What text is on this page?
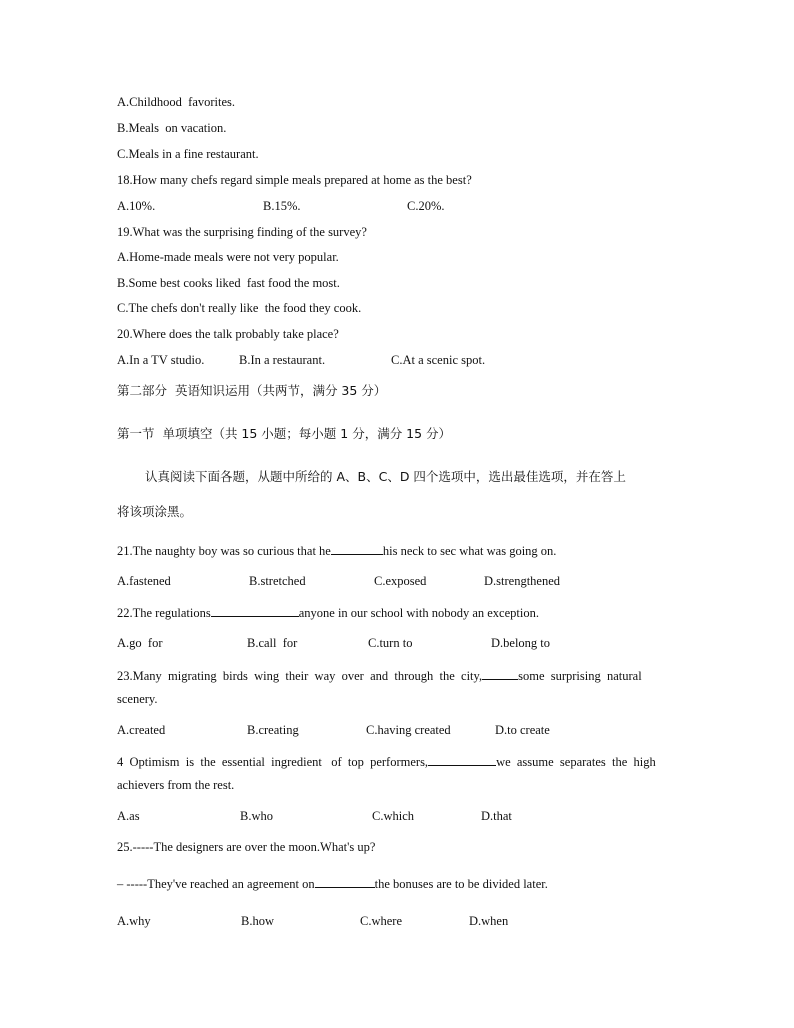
A.Childhood  favorites.
B.Meals  on vacation.
C.Meals in a fine restaurant.
18.How many chefs regard simple meals prepared at home as the best?
A.10%.	B.15%.	C.20%.
19.What was the surprising finding of the survey?
A.Home-made meals were not very popular.
B.Some best cooks liked  fast food the most.
C.The chefs don't really like  the food they cook.
20.Where does the talk probably take place?
A.In a TV studio.	B.In a restaurant.	C.At a scenic spot.
第二部分  英语知识运用（共两节，满分 35 分）
第一节  单项填空（共 15 小题；每小题 1 分，满分 15 分）
认真阅读下面各题，从题中所给的 A、B、C、D 四个选项中，选出最佳选项，并在答上
将该项涂黑。
21.The naughty boy was so curious that he	his neck to sec what was going on.
A.fastened	B.stretched	C.exposed	D.strengthened
22.The regulations	anyone in our school with nobody an exception.
A.go  for	B.call  for	C.turn to	D.belong to
23.Many  migrating  birds  wing  their  way  over  and  through  the  city,	some  surprising  natural
scenery.
A.created	B.creating	C.having created	D.to create
4  Optimism  is  the  essential  ingredient   of  top  performers,	we  assume  separates  the  high
achievers from the rest.
A.as	B.who	C.which	D.that
25.-----The designers are over the moon.What's up?
– -----They've reached an agreement on	the bonuses are to be divided later.
A.why	B.how	C.where	D.when
